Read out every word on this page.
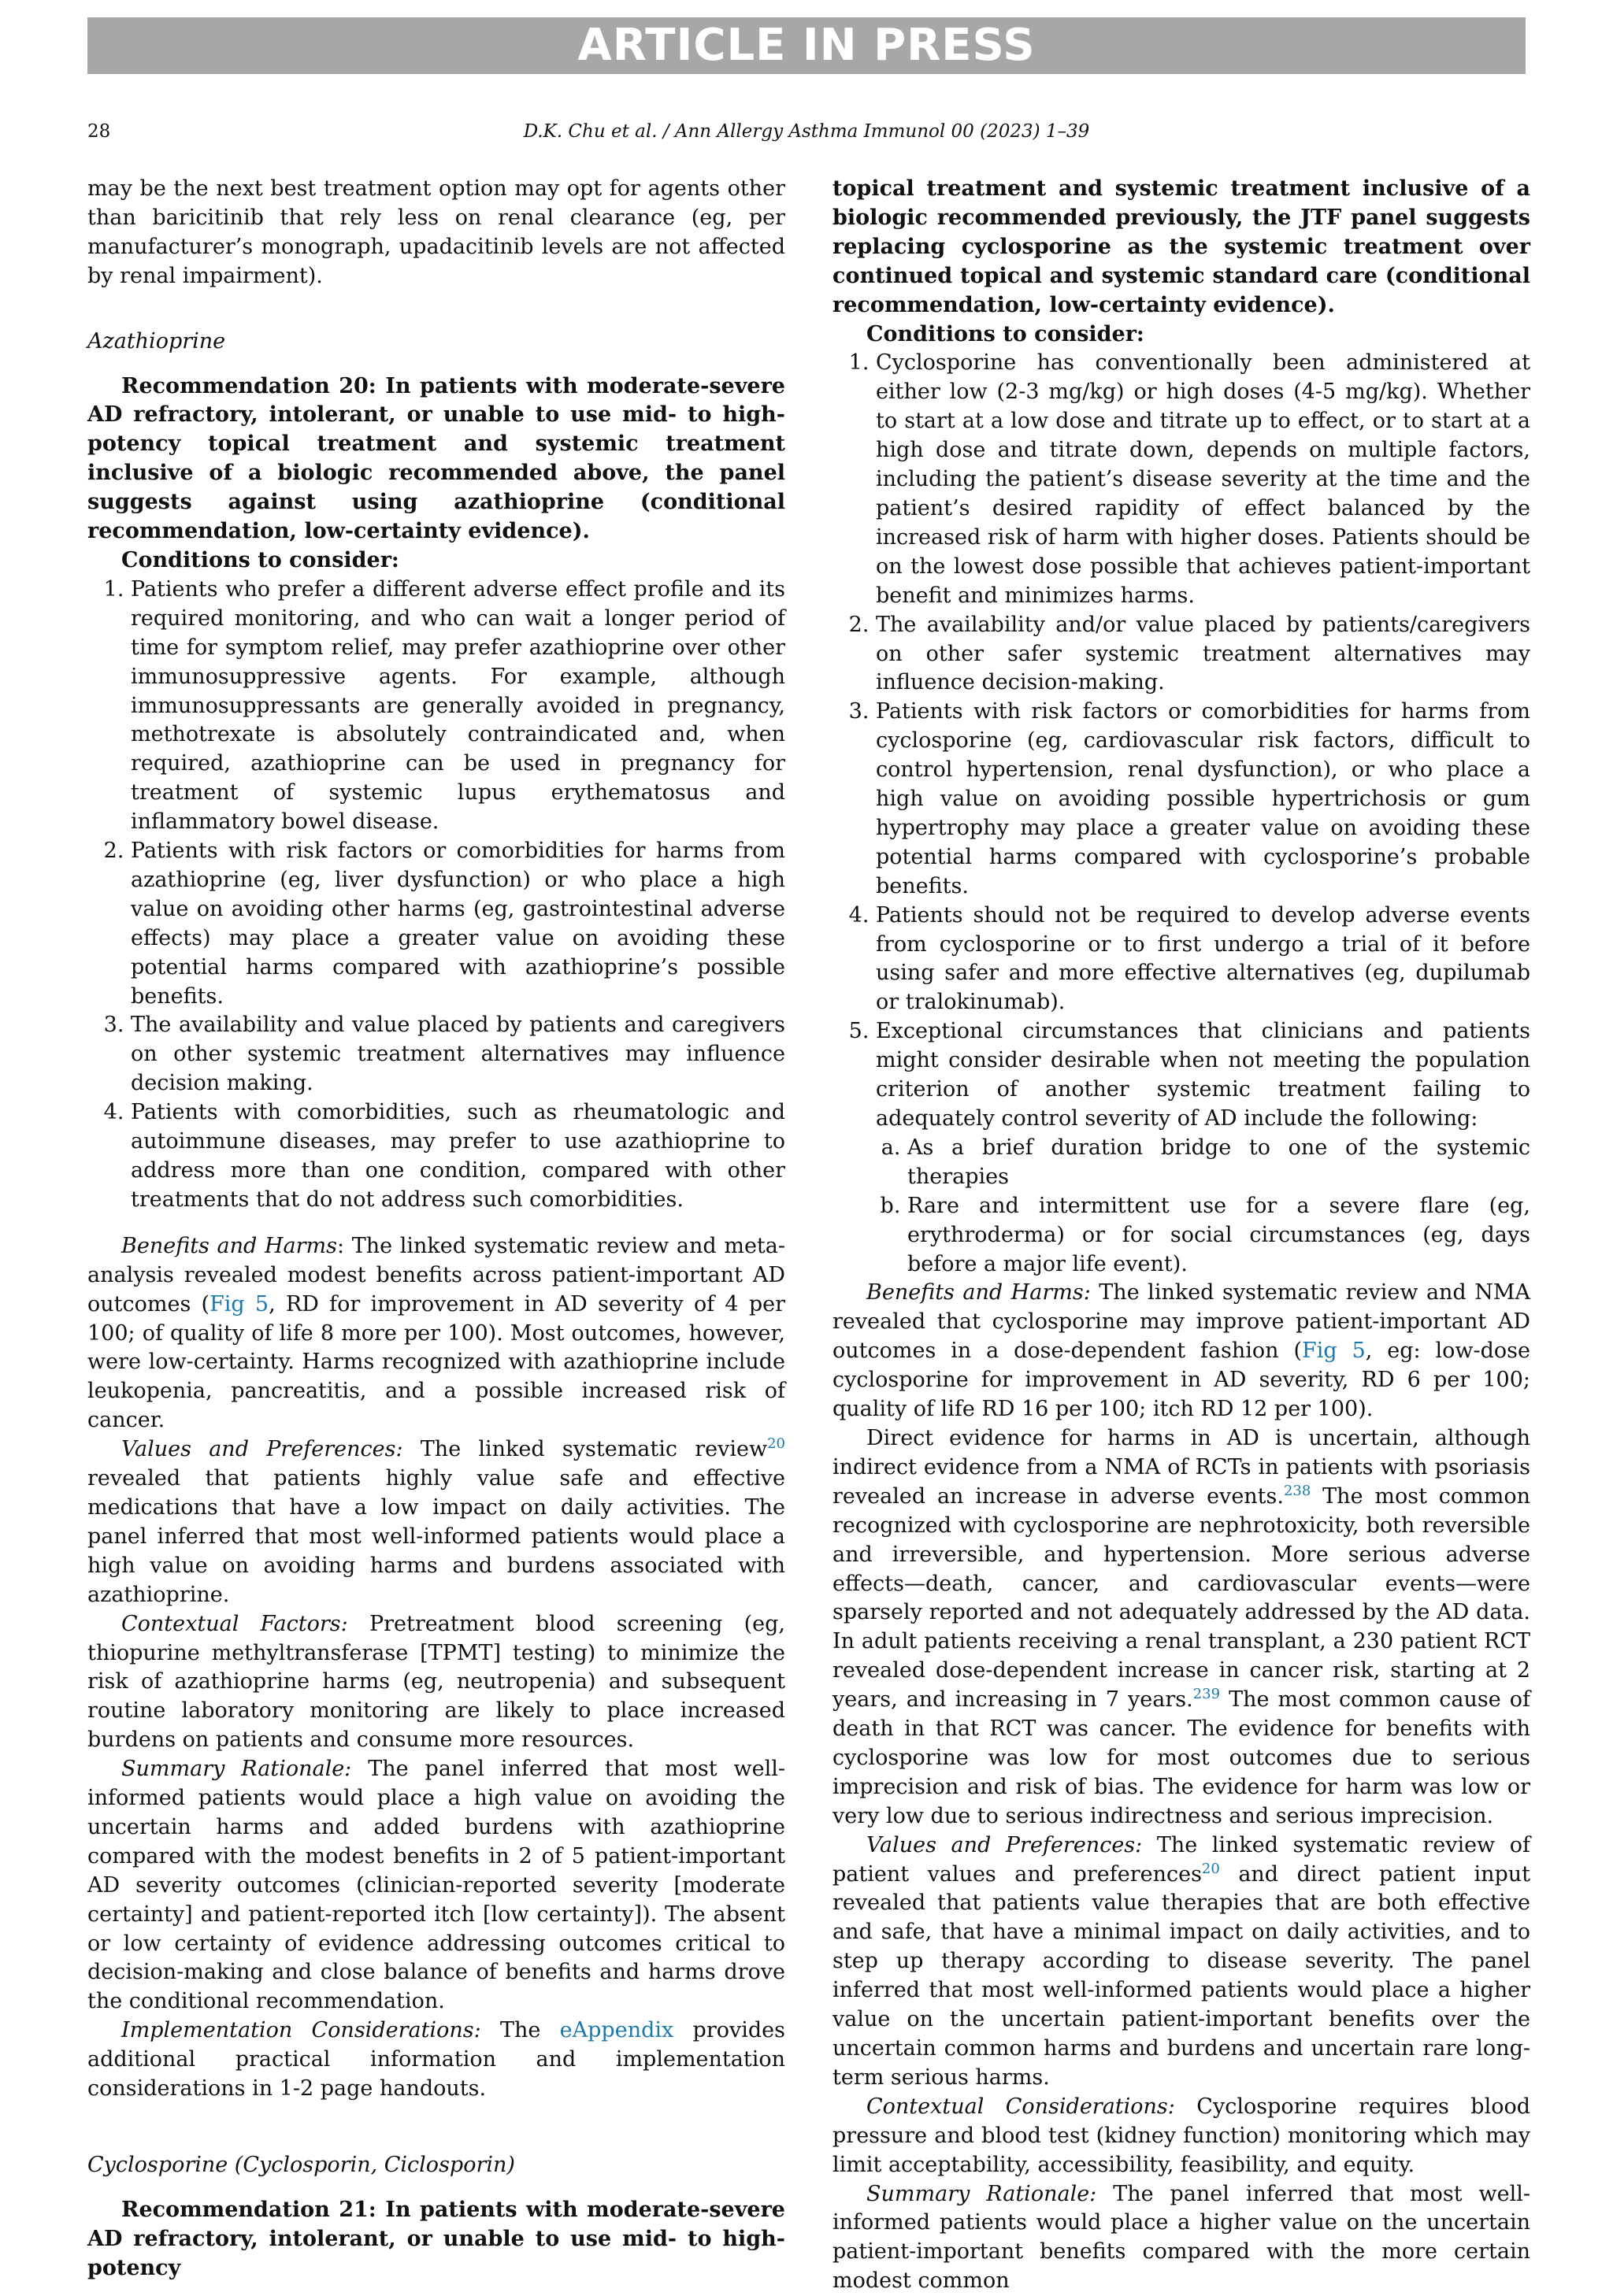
ARTICLE IN PRESS
28	D.K. Chu et al. / Ann Allergy Asthma Immunol 00 (2023) 1–39

may be the next best treatment option may opt for agents other than baricitinib that rely less on renal clearance (eg, per manufacturer’s monograph, upadacitinib levels are not affected by renal impairment).

Azathioprine

Recommendation 20: In patients with moderate-severe AD refractory, intolerant, or unable to use mid- to high-potency topical treatment and systemic treatment inclusive of a biologic recommended above, the panel suggests against using azathioprine (conditional recommendation, low-certainty evidence).

Conditions to consider:

1. Patients who prefer a different adverse effect profile and its required monitoring, and who can wait a longer period of time for symptom relief, may prefer azathioprine over other immunosuppressive agents. For example, although immunosuppressants are generally avoided in pregnancy, methotrexate is absolutely contraindicated and, when required, azathioprine can be used in pregnancy for treatment of systemic lupus erythematosus and inflammatory bowel disease.
2. Patients with risk factors or comorbidities for harms from azathioprine (eg, liver dysfunction) or who place a high value on avoiding other harms (eg, gastrointestinal adverse effects) may place a greater value on avoiding these potential harms compared with azathioprine’s possible benefits.
3. The availability and value placed by patients and caregivers on other systemic treatment alternatives may influence decision making.
4. Patients with comorbidities, such as rheumatologic and autoimmune diseases, may prefer to use azathioprine to address more than one condition, compared with other treatments that do not address such comorbidities.

Benefits and Harms: The linked systematic review and meta-analysis revealed modest benefits across patient-important AD outcomes (Fig 5, RD for improvement in AD severity of 4 per 100; of quality of life 8 more per 100). Most outcomes, however, were low-certainty. Harms recognized with azathioprine include leukopenia, pancreatitis, and a possible increased risk of cancer.

Values and Preferences: The linked systematic review$^{20}$ revealed that patients highly value safe and effective medications that have a low impact on daily activities. The panel inferred that most well-informed patients would place a high value on avoiding harms and burdens associated with azathioprine.

Contextual Factors: Pretreatment blood screening (eg, thiopurine methyltransferase [TPMT] testing) to minimize the risk of azathioprine harms (eg, neutropenia) and subsequent routine laboratory monitoring are likely to place increased burdens on patients and consume more resources.

Summary Rationale: The panel inferred that most well-informed patients would place a high value on avoiding the uncertain harms and added burdens with azathioprine compared with the modest benefits in 2 of 5 patient-important AD severity outcomes (clinician-reported severity [moderate certainty] and patient-reported itch [low certainty]). The absent or low certainty of evidence addressing outcomes critical to decision-making and close balance of benefits and harms drove the conditional recommendation.

Implementation Considerations: The eAppendix provides additional practical information and implementation considerations in 1-2 page handouts.

Cyclosporine (Cyclosporin, Ciclosporin)

Recommendation 21: In patients with moderate-severe AD refractory, intolerant, or unable to use mid- to high-potency

topical treatment and systemic treatment inclusive of a biologic recommended previously, the JTF panel suggests replacing cyclosporine as the systemic treatment over continued topical and systemic standard care (conditional recommendation, low-certainty evidence).

Conditions to consider:

1. Cyclosporine has conventionally been administered at either low (2-3 mg/kg) or high doses (4-5 mg/kg). Whether to start at a low dose and titrate up to effect, or to start at a high dose and titrate down, depends on multiple factors, including the patient’s disease severity at the time and the patient’s desired rapidity of effect balanced by the increased risk of harm with higher doses. Patients should be on the lowest dose possible that achieves patient-important benefit and minimizes harms.
2. The availability and/or value placed by patients/caregivers on other safer systemic treatment alternatives may influence decision-making.
3. Patients with risk factors or comorbidities for harms from cyclosporine (eg, cardiovascular risk factors, difficult to control hypertension, renal dysfunction), or who place a high value on avoiding possible hypertrichosis or gum hypertrophy may place a greater value on avoiding these potential harms compared with cyclosporine’s probable benefits.
4. Patients should not be required to develop adverse events from cyclosporine or to first undergo a trial of it before using safer and more effective alternatives (eg, dupilumab or tralokinumab).
5. Exceptional circumstances that clinicians and patients might consider desirable when not meeting the population criterion of another systemic treatment failing to adequately control severity of AD include the following:
a. As a brief duration bridge to one of the systemic therapies
b. Rare and intermittent use for a severe flare (eg, erythroderma) or for social circumstances (eg, days before a major life event).

Benefits and Harms: The linked systematic review and NMA revealed that cyclosporine may improve patient-important AD outcomes in a dose-dependent fashion (Fig 5, eg: low-dose cyclosporine for improvement in AD severity, RD 6 per 100; quality of life RD 16 per 100; itch RD 12 per 100).

Direct evidence for harms in AD is uncertain, although indirect evidence from a NMA of RCTs in patients with psoriasis revealed an increase in adverse events.$^{238}$ The most common recognized with cyclosporine are nephrotoxicity, both reversible and irreversible, and hypertension. More serious adverse effects—death, cancer, and cardiovascular events—were sparsely reported and not adequately addressed by the AD data. In adult patients receiving a renal transplant, a 230 patient RCT revealed dose-dependent increase in cancer risk, starting at 2 years, and increasing in 7 years.$^{239}$ The most common cause of death in that RCT was cancer. The evidence for benefits with cyclosporine was low for most outcomes due to serious imprecision and risk of bias. The evidence for harm was low or very low due to serious indirectness and serious imprecision.

Values and Preferences: The linked systematic review of patient values and preferences$^{20}$ and direct patient input revealed that patients value therapies that are both effective and safe, that have a minimal impact on daily activities, and to step up therapy according to disease severity. The panel inferred that most well-informed patients would place a higher value on the uncertain patient-important benefits over the uncertain common harms and burdens and uncertain rare long-term serious harms.

Contextual Considerations: Cyclosporine requires blood pressure and blood test (kidney function) monitoring which may limit acceptability, accessibility, feasibility, and equity.

Summary Rationale: The panel inferred that most well-informed patients would place a higher value on the uncertain patient-important benefits compared with the more certain modest common
